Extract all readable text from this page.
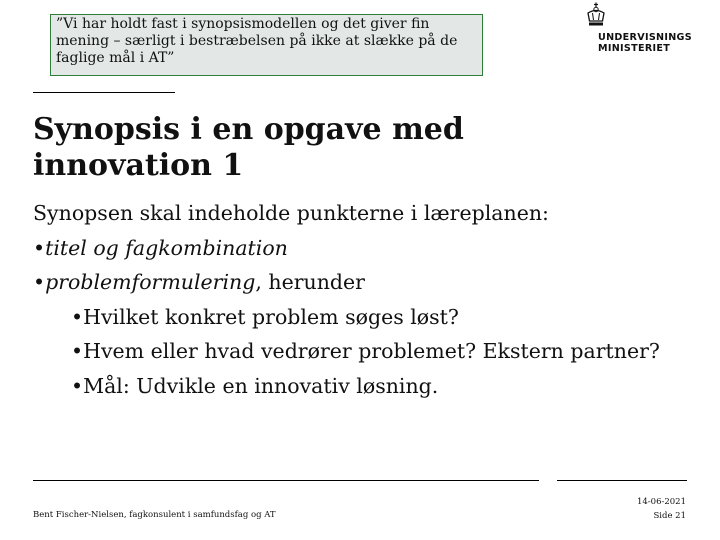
”Vi har holdt fast i synopsismodellen og det giver fin
mening – særligt i bestræbelsen på ikke at slække på de
faglige mål i AT”
UNDERVISNINGS
MINISTERIET
Synopsis i en opgave med
innovation 1
Synopsen skal indeholde punkterne i læreplanen:
•titel og fagkombination
•problemformulering, herunder
•Hvilket konkret problem søges løst?
•Hvem eller hvad vedrører problemet? Ekstern partner?
•Mål: Udvikle en innovativ løsning.
Bent Fischer-Nielsen, fagkonsulent i samfundsfag og AT
14-06-2021
Side 21
